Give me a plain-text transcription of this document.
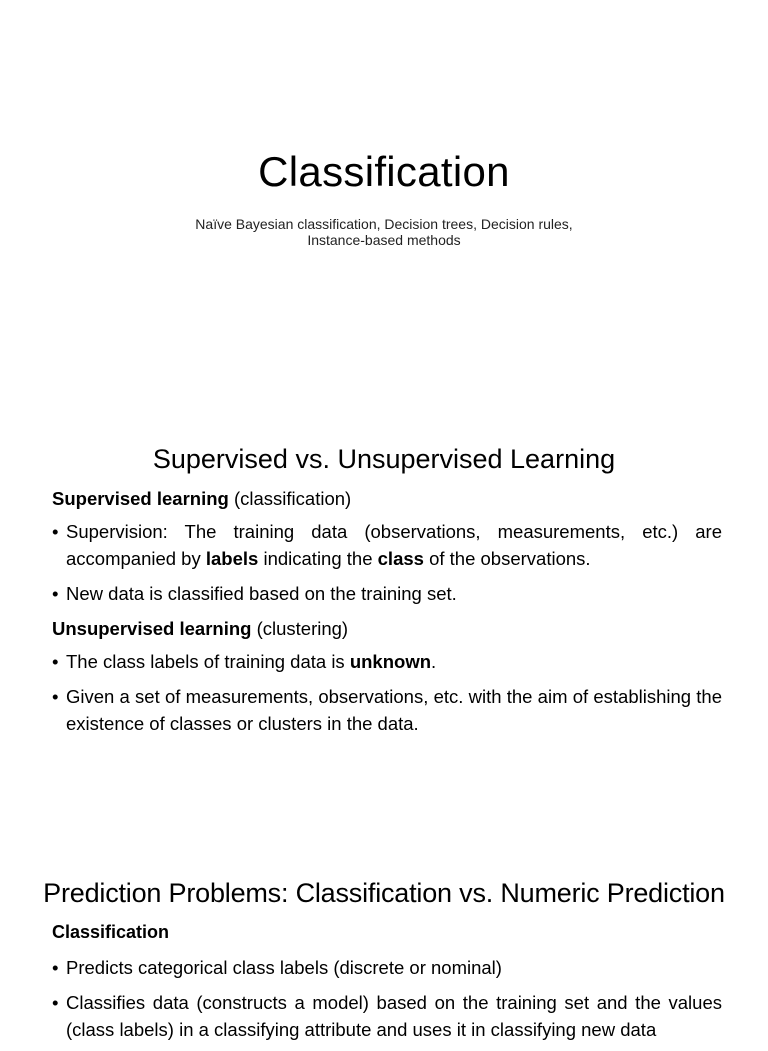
Classification
Naïve Bayesian classification, Decision trees, Decision rules,
Instance-based methods
Supervised vs. Unsupervised Learning

Supervised learning (classification)

• Supervision: The training data (observations, measurements, etc.) are accompanied by labels indicating the class of the observations.
• New data is classified based on the training set.

Unsupervised learning (clustering)

• The class labels of training data is unknown.
• Given a set of measurements, observations, etc. with the aim of establishing the existence of classes or clusters in the data.
Prediction Problems: Classification vs. Numeric Prediction

Classification

• Predicts categorical class labels (discrete or nominal)
• Classifies data (constructs a model) based on the training set and the values (class labels) in a classifying attribute and uses it in classifying new data
